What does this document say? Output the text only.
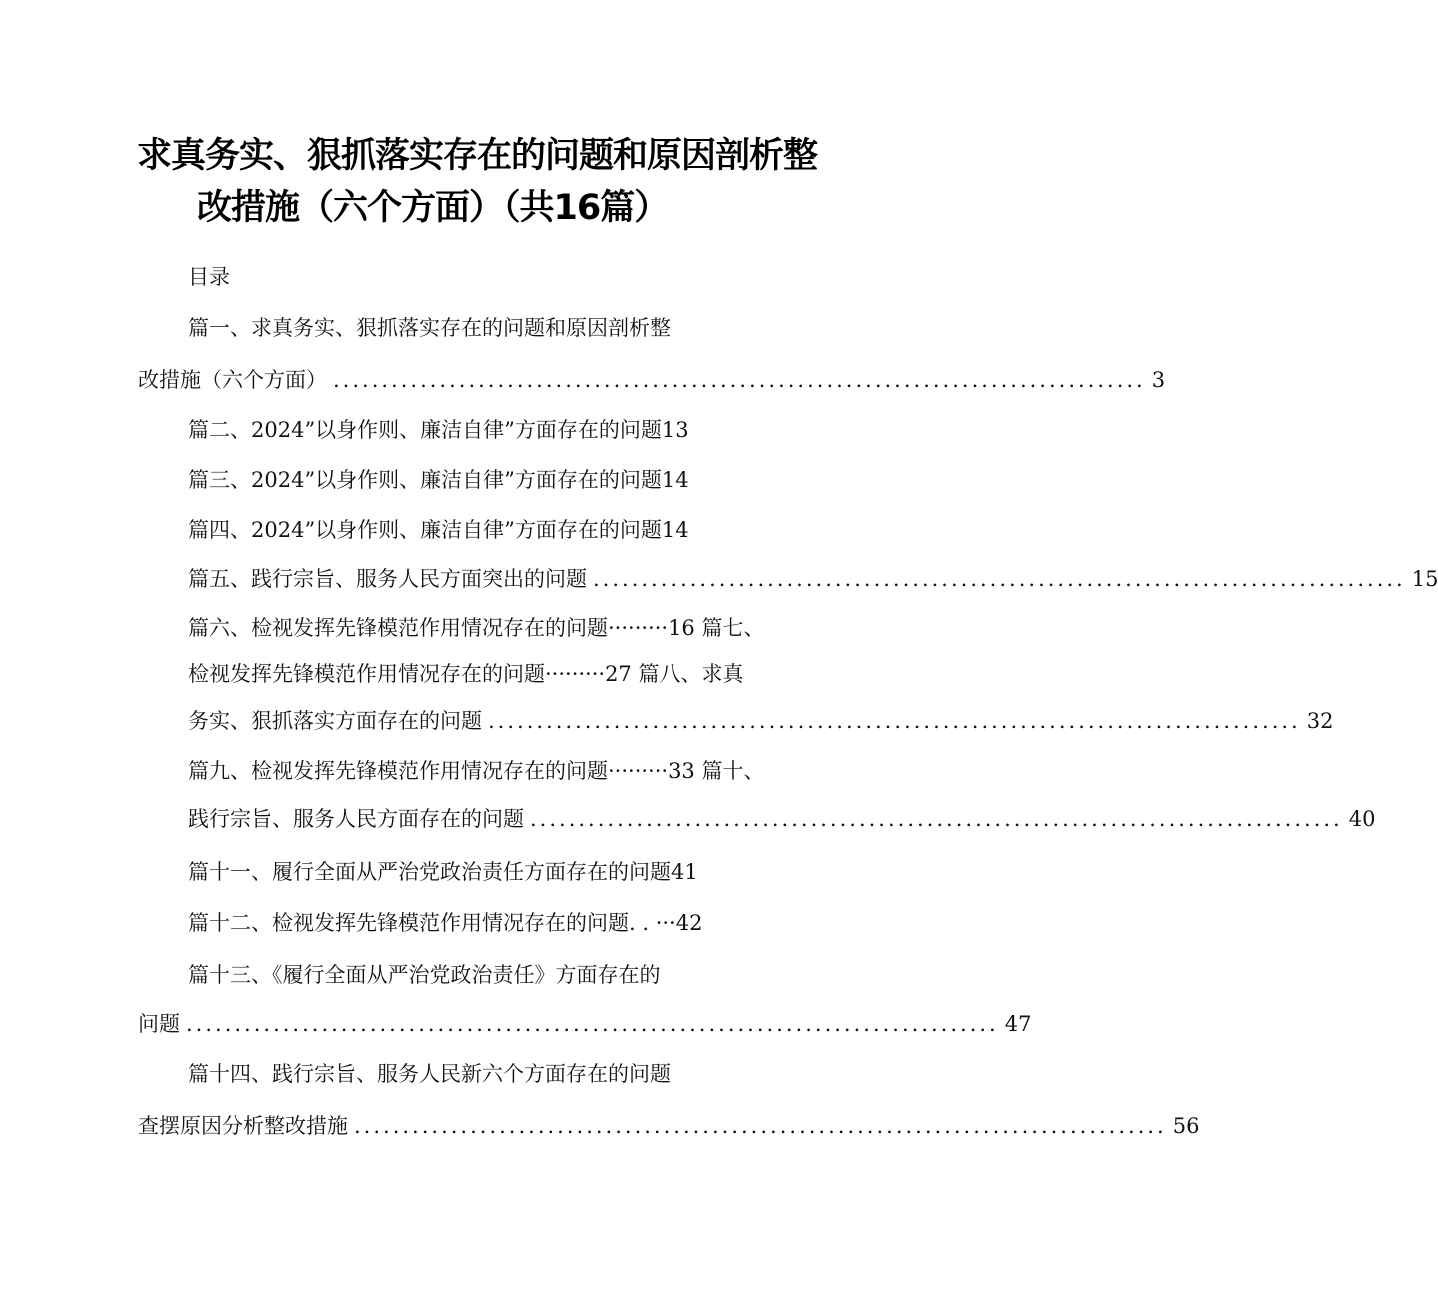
求真务实、狠抓落实存在的问题和原因剖析整
改措施（六个方面）（共16篇）
目录
篇一、求真务实、狠抓落实存在的问题和原因剖析整
改措施（六个方面） .................................................................................... 3
篇二、2024”以身作则、廉洁自律”方面存在的问题13
篇三、2024”以身作则、廉洁自律”方面存在的问题14
篇四、2024”以身作则、廉洁自律”方面存在的问题14
篇五、践行宗旨、服务人民方面突出的问题 .................................................................................... 15
篇六、检视发挥先锋模范作用情况存在的问题·········16 篇七、
检视发挥先锋模范作用情况存在的问题·········27 篇八、求真
务实、狠抓落实方面存在的问题 .................................................................................... 32
篇九、检视发挥先锋模范作用情况存在的问题·········33 篇十、
践行宗旨、服务人民方面存在的问题 .................................................................................... 40
篇十一、履行全面从严治党政治责任方面存在的问题41
篇十二、检视发挥先锋模范作用情况存在的问题. . ···42
篇十三、《履行全面从严治党政治责任》方面存在的
问题 .................................................................................... 47
篇十四、践行宗旨、服务人民新六个方面存在的问题
查摆原因分析整改措施 .................................................................................... 56
